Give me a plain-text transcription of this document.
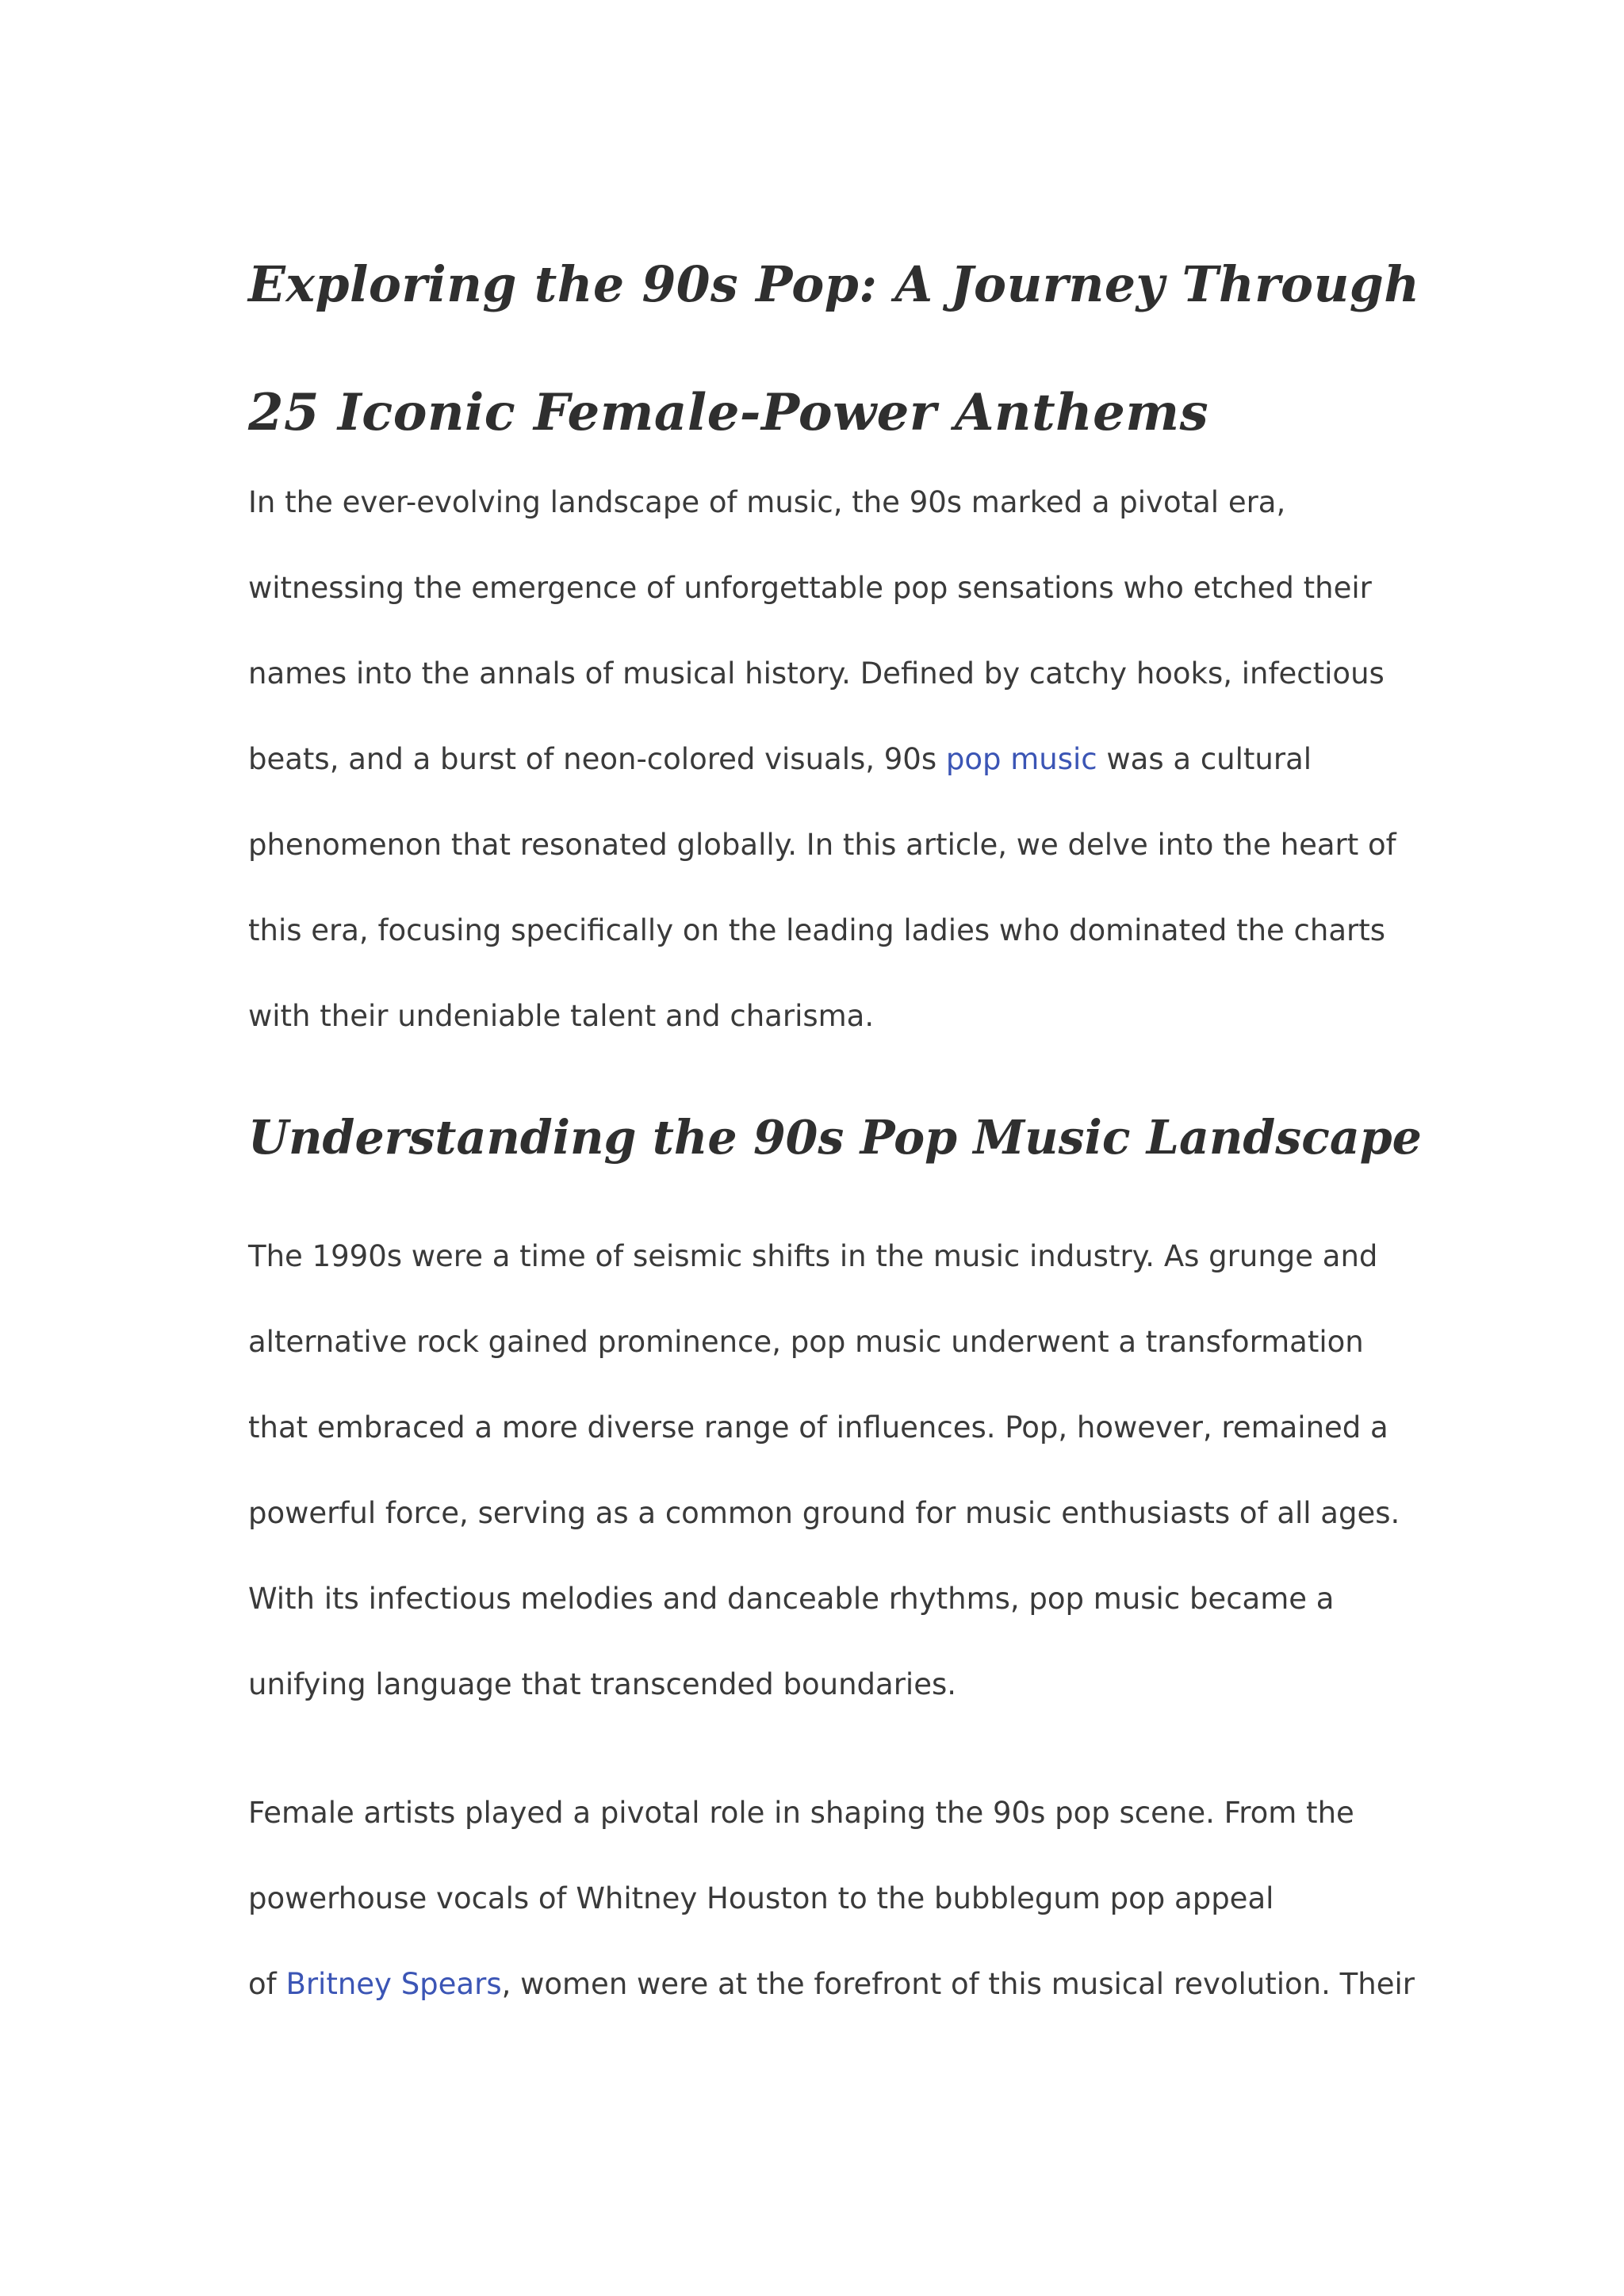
Exploring the 90s Pop: A Journey Through
25 Iconic Female-Power Anthems

In the ever-evolving landscape of music, the 90s marked a pivotal era,
witnessing the emergence of unforgettable pop sensations who etched their
names into the annals of musical history. Defined by catchy hooks, infectious
beats, and a burst of neon-colored visuals, 90s pop music was a cultural
phenomenon that resonated globally. In this article, we delve into the heart of
this era, focusing specifically on the leading ladies who dominated the charts
with their undeniable talent and charisma.

Understanding the 90s Pop Music Landscape

The 1990s were a time of seismic shifts in the music industry. As grunge and
alternative rock gained prominence, pop music underwent a transformation
that embraced a more diverse range of influences. Pop, however, remained a
powerful force, serving as a common ground for music enthusiasts of all ages.
With its infectious melodies and danceable rhythms, pop music became a
unifying language that transcended boundaries.

Female artists played a pivotal role in shaping the 90s pop scene. From the
powerhouse vocals of Whitney Houston to the bubblegum pop appeal
of Britney Spears, women were at the forefront of this musical revolution. Their
